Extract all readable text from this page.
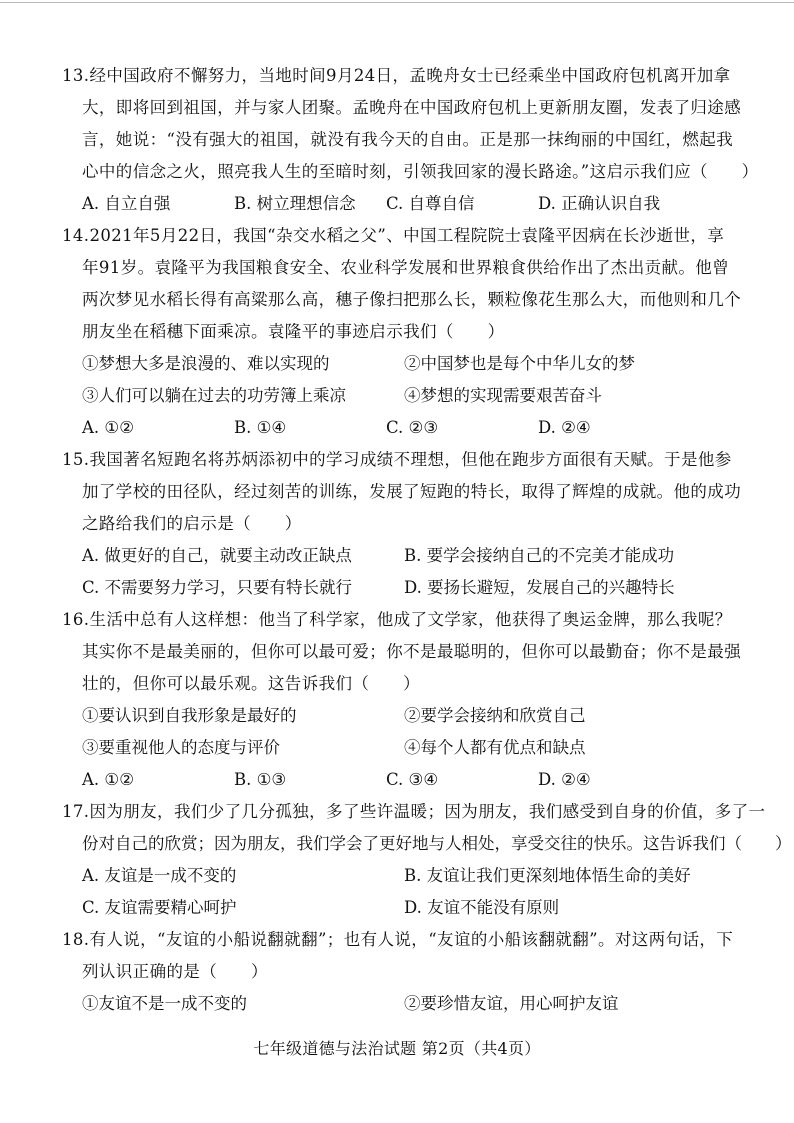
13.经中国政府不懈努力，当地时间9月24日，孟晚舟女士已经乘坐中国政府包机离开加拿
大，即将回到祖国，并与家人团聚。孟晚舟在中国政府包机上更新朋友圈，发表了归途感
言，她说：“没有强大的祖国，就没有我今天的自由。正是那一抹绚丽的中国红，燃起我
心中的信念之火，照亮我人生的至暗时刻，引领我回家的漫长路途。”这启示我们应（　　）
A. 自立自强	B. 树立理想信念	C. 自尊自信	D. 正确认识自我
14.2021年5月22日，我国“杂交水稻之父”、中国工程院院士袁隆平因病在长沙逝世，享
年91岁。袁隆平为我国粮食安全、农业科学发展和世界粮食供给作出了杰出贡献。他曾
两次梦见水稻长得有高粱那么高，穗子像扫把那么长，颗粒像花生那么大，而他则和几个
朋友坐在稻穗下面乘凉。袁隆平的事迹启示我们（　　）
①梦想大多是浪漫的、难以实现的	②中国梦也是每个中华儿女的梦
③人们可以躺在过去的功劳簿上乘凉	④梦想的实现需要艰苦奋斗
A. ①②	B. ①④	C. ②③	D. ②④
15.我国著名短跑名将苏炳添初中的学习成绩不理想，但他在跑步方面很有天赋。于是他参
加了学校的田径队，经过刻苦的训练，发展了短跑的特长，取得了辉煌的成就。他的成功
之路给我们的启示是（　　）
A. 做更好的自己，就要主动改正缺点	B. 要学会接纳自己的不完美才能成功
C. 不需要努力学习，只要有特长就行	D. 要扬长避短，发展自己的兴趣特长
16.生活中总有人这样想：他当了科学家，他成了文学家，他获得了奥运金牌，那么我呢？
其实你不是最美丽的，但你可以最可爱；你不是最聪明的，但你可以最勤奋；你不是最强
壮的，但你可以最乐观。这告诉我们（　　）
①要认识到自我形象是最好的	②要学会接纳和欣赏自己
③要重视他人的态度与评价	④每个人都有优点和缺点
A. ①②	B. ①③	C. ③④	D. ②④
17.因为朋友，我们少了几分孤独，多了些许温暖；因为朋友，我们感受到自身的价值，多了一
份对自己的欣赏；因为朋友，我们学会了更好地与人相处，享受交往的快乐。这告诉我们（　　）
A. 友谊是一成不变的	B. 友谊让我们更深刻地体悟生命的美好
C. 友谊需要精心呵护	D. 友谊不能没有原则
18.有人说，“友谊的小船说翻就翻”；也有人说，“友谊的小船该翻就翻”。对这两句话，下
列认识正确的是（　　）
①友谊不是一成不变的	②要珍惜友谊，用心呵护友谊
七年级道德与法治试题 第2页（共4页）
